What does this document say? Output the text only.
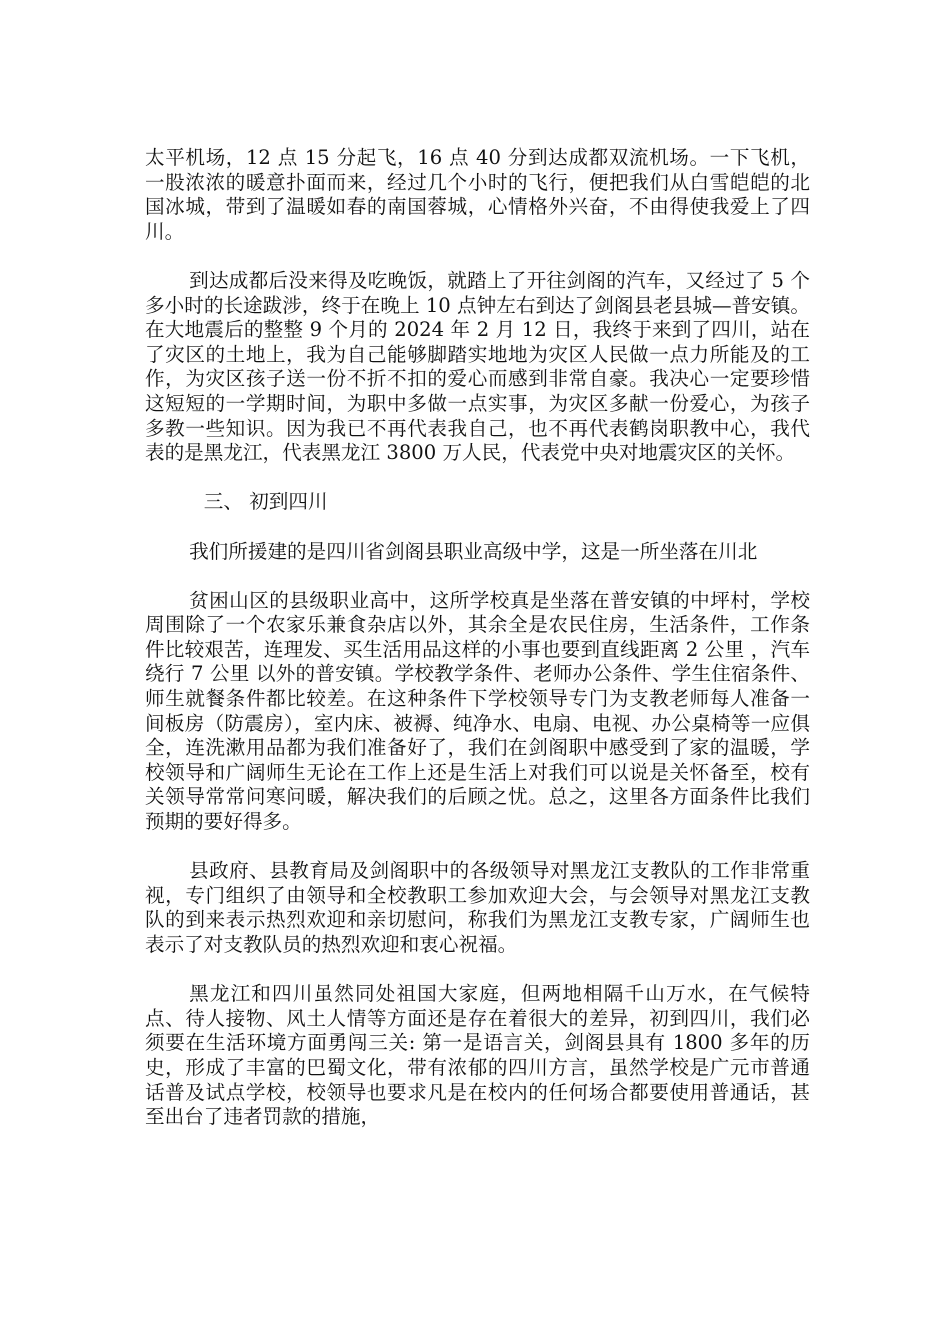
太平机场，12 点 15 分起飞，16 点 40 分到达成都双流机场。一下飞机，一股浓浓的暖意扑面而来，经过几个小时的飞行，便把我们从白雪皑皑的北国冰城，带到了温暖如春的南国蓉城，心情格外兴奋，不由得使我爱上了四川。

到达成都后没来得及吃晚饭，就踏上了开往剑阁的汽车，又经过了 5 个多小时的长途跋涉，终于在晚上 10 点钟左右到达了剑阁县老县城—普安镇。在大地震后的整整 9 个月的 2024 年 2 月 12 日，我终于来到了四川，站在了灾区的土地上，我为自己能够脚踏实地地为灾区人民做一点力所能及的工作，为灾区孩子送一份不折不扣的爱心而感到非常自豪。我决心一定要珍惜这短短的一学期时间，为职中多做一点实事，为灾区多献一份爱心，为孩子多教一些知识。因为我已不再代表我自己，也不再代表鹤岗职教中心，我代表的是黑龙江，代表黑龙江 3800 万人民，代表党中央对地震灾区的关怀。

三、 初到四川

我们所援建的是四川省剑阁县职业高级中学，这是一所坐落在川北

贫困山区的县级职业高中，这所学校真是坐落在普安镇的中坪村，学校周围除了一个农家乐兼食杂店以外，其余全是农民住房，生活条件，工作条件比较艰苦，连理发、买生活用品这样的小事也要到直线距离 2 公里 ，汽车绕行 7 公里 以外的普安镇。学校教学条件、老师办公条件、学生住宿条件、师生就餐条件都比较差。在这种条件下学校领导专门为支教老师每人准备一间板房（防震房），室内床、被褥、纯净水、电扇、电视、办公桌椅等一应俱全，连洗漱用品都为我们准备好了，我们在剑阁职中感受到了家的温暖，学校领导和广阔师生无论在工作上还是生活上对我们可以说是关怀备至，校有关领导常常问寒问暖，解决我们的后顾之忧。总之，这里各方面条件比我们预期的要好得多。

县政府、县教育局及剑阁职中的各级领导对黑龙江支教队的工作非常重视，专门组织了由领导和全校教职工参加欢迎大会，与会领导对黑龙江支教队的到来表示热烈欢迎和亲切慰问，称我们为黑龙江支教专家，广阔师生也表示了对支教队员的热烈欢迎和衷心祝福。

黑龙江和四川虽然同处祖国大家庭，但两地相隔千山万水，在气候特点、待人接物、风土人情等方面还是存在着很大的差异，初到四川，我们必须要在生活环境方面勇闯三关: 第一是语言关，剑阁县具有 1800 多年的历史，形成了丰富的巴蜀文化，带有浓郁的四川方言，虽然学校是广元市普通话普及试点学校，校领导也要求凡是在校内的任何场合都要使用普通话，甚至出台了违者罚款的措施，
